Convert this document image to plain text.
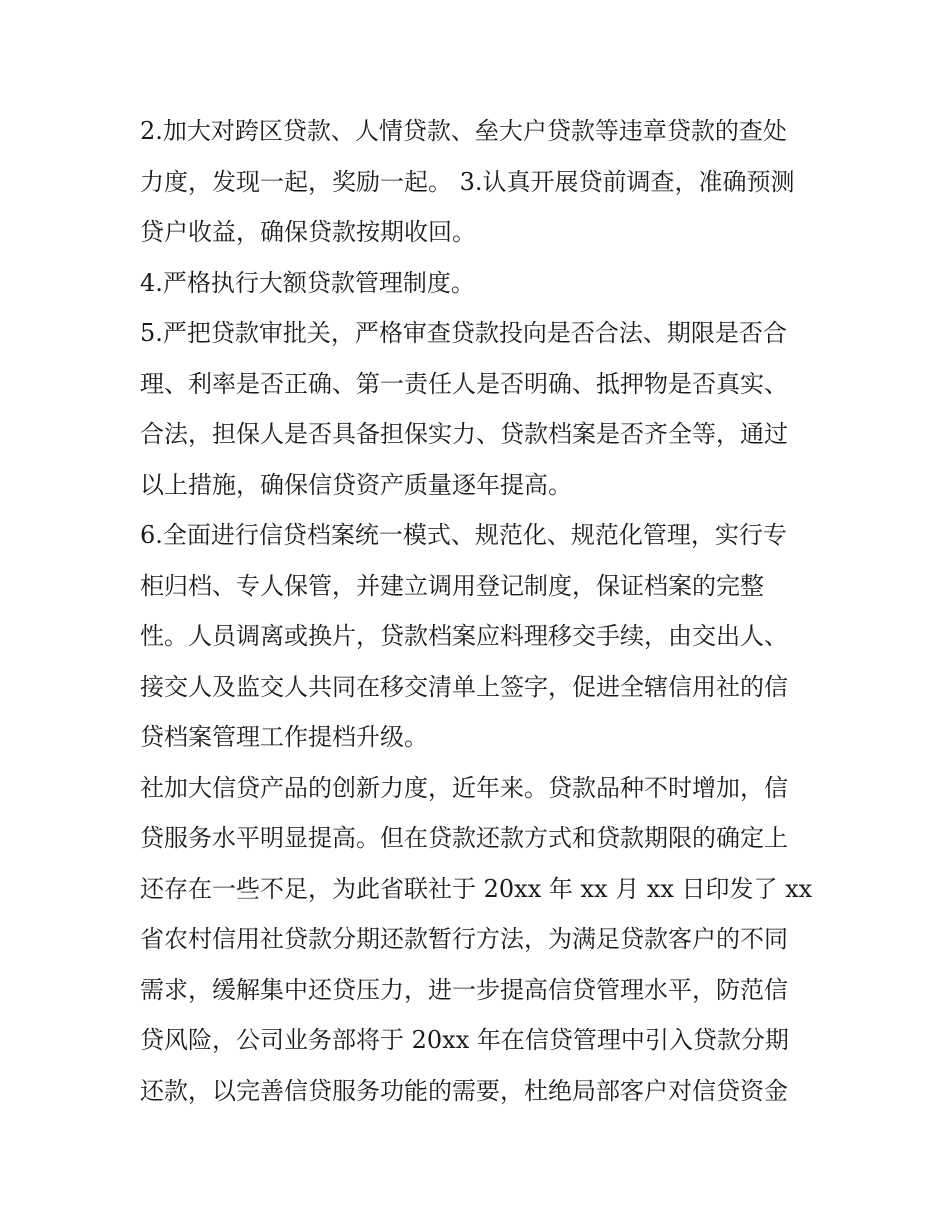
2.加大对跨区贷款、人情贷款、垒大户贷款等违章贷款的查处
力度，发现一起，奖励一起。 3.认真开展贷前调查，准确预测
贷户收益，确保贷款按期收回。
4.严格执行大额贷款管理制度。
5.严把贷款审批关，严格审查贷款投向是否合法、期限是否合
理、利率是否正确、第一责任人是否明确、抵押物是否真实、
合法，担保人是否具备担保实力、贷款档案是否齐全等，通过
以上措施，确保信贷资产质量逐年提高。
6.全面进行信贷档案统一模式、规范化、规范化管理，实行专
柜归档、专人保管，并建立调用登记制度，保证档案的完整
性。人员调离或换片，贷款档案应料理移交手续，由交出人、
接交人及监交人共同在移交清单上签字，促进全辖信用社的信
贷档案管理工作提档升级。
社加大信贷产品的创新力度，近年来。贷款品种不时增加，信
贷服务水平明显提高。但在贷款还款方式和贷款期限的确定上
还存在一些不足，为此省联社于 20xx 年 xx 月 xx 日印发了 xx
省农村信用社贷款分期还款暂行方法，为满足贷款客户的不同
需求，缓解集中还贷压力，进一步提高信贷管理水平，防范信
贷风险，公司业务部将于 20xx 年在信贷管理中引入贷款分期
还款，以完善信贷服务功能的需要，杜绝局部客户对信贷资金
